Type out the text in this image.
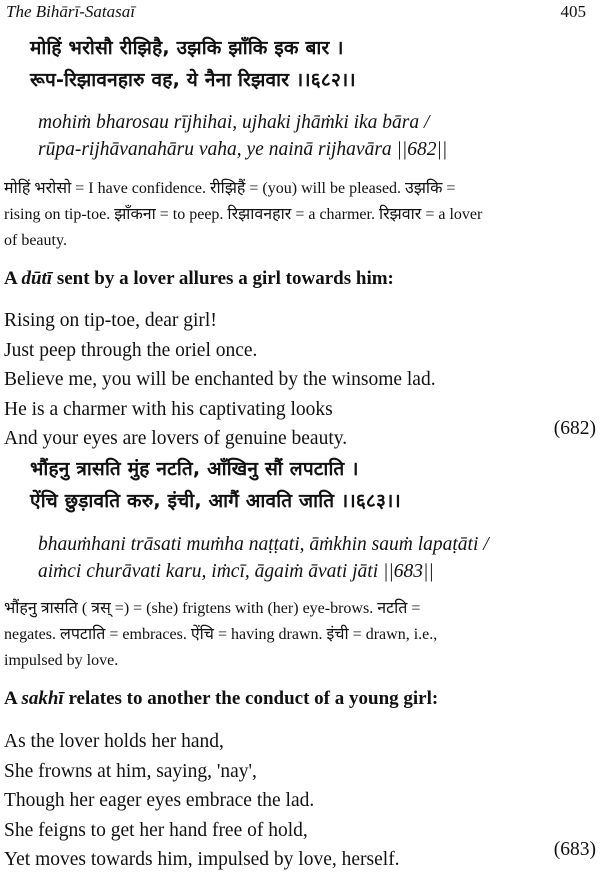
The Bihārī-Satasaī	405
मोहिं भरोसौ रीझिहै, उझकि झाँकि इक बार ।
रूप-रिझावनहारु वह, ये नैना रिझवार ।।६८२।।
mohiṁ bharosau rījhihai, ujhaki jhāṁki ika bāra /
rūpa-rijhāvanahāru vaha, ye nainā rijhavāra ||682||

मोहिं भरोसो = I have confidence. रीझिहैं = (you) will be pleased. उझकि =

rising on tip-toe. झाँकना = to peep. रिझावनहार = a charmer. रिझवार = a lover

of beauty.

A dūtī sent by a lover allures a girl towards him:
Rising on tip-toe, dear girl!
Just peep through the oriel once.
Believe me, you will be enchanted by the winsome lad.
He is a charmer with his captivating looks
And your eyes are lovers of genuine beauty.	(682)
भौंहनु त्रासति मुंह नटति, आँखिनु सौं लपटाति ।
ऐंचि छुड़ावति करु, इंची, आगैं आवति जाति ।।६८३।।
bhauṁhani trāsati muṁha naṭṭati, āṁkhin sauṁ lapaṭāti /
aiṁci churāvati karu, iṁcī, āgaiṁ āvati jāti ||683||

भौंहनु त्रासति ( त्रस् =) = (she) frigtens with (her) eye-brows. नटति =

negates. लपटाति = embraces. ऐंचि = having drawn. इंची = drawn, i.e.,

impulsed by love.

A sakhī relates to another the conduct of a young girl:
As the lover holds her hand,
She frowns at him, saying, 'nay',
Though her eager eyes embrace the lad.
She feigns to get her hand free of hold,
Yet moves towards him, impulsed by love, herself.	(683)
